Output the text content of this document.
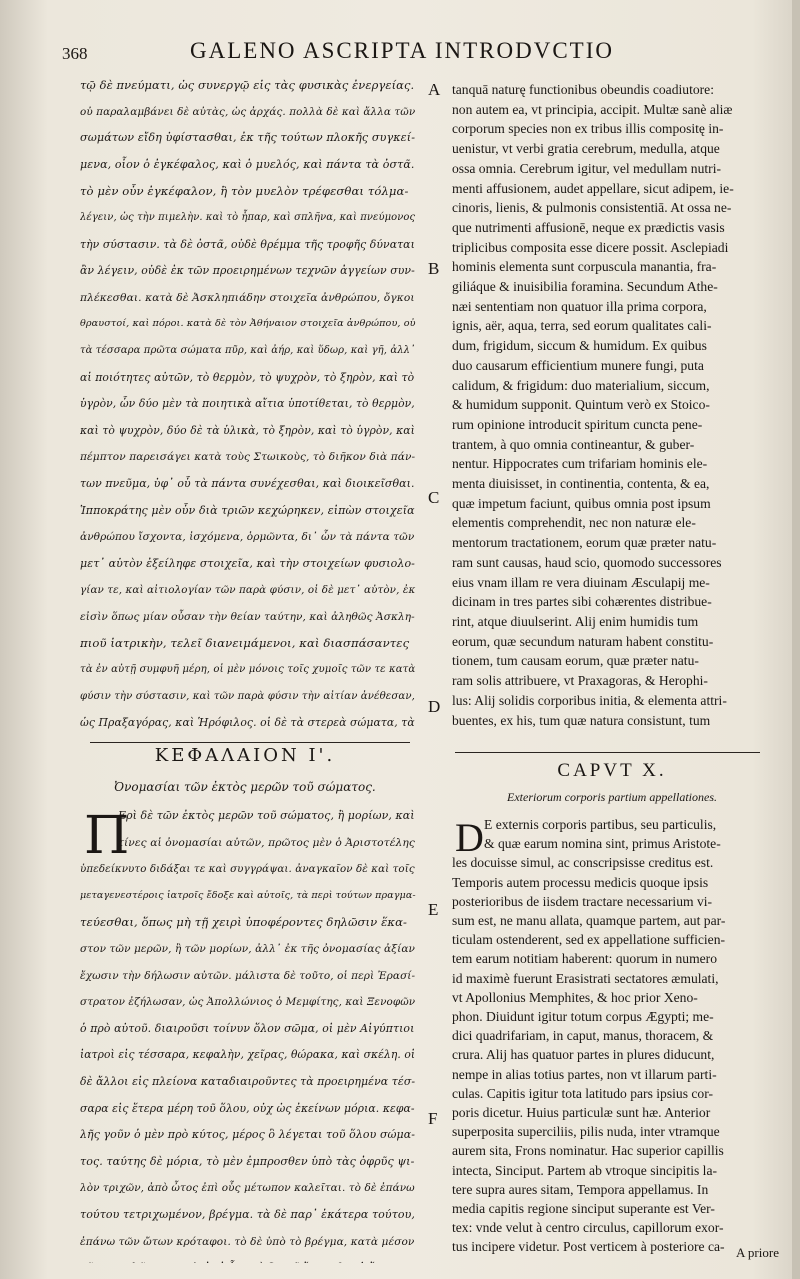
368	GALENO ASCRIPTA INTRODVCTIO

τῷ δὲ πνεύματι, ὡς συνεργῷ εἰς τὰς φυσικὰς ἐνεργείας.

οὐ παραλαμβάνει δὲ αὐτὰς, ὡς ἀρχάς. πολλὰ δὲ καὶ ἄλλα τῶν

σωμάτων εἴδη ὑφίστασθαι, ἐκ τῆς τούτων πλοκῆς συγκεί-

μενα, οἷον ὁ ἐγκέφαλος, καὶ ὁ μυελός, καὶ πάντα τὰ ὀστᾶ.

τὸ μὲν οὖν ἐγκέφαλον, ἢ τὸν μυελὸν τρέφεσθαι τόλμα-

λέγειν, ὡς τὴν πιμελὴν. καὶ τὸ ἧπαρ, καὶ σπλῆνα, καὶ πνεύμονος

τὴν σύστασιν. τὰ δὲ ὀστᾶ, οὐδὲ θρέμμα τῆς τροφῆς δύναται

ἂν λέγειν, οὐδὲ ἐκ τῶν προειρημένων τεχνῶν ἀγγείων συν-

πλέκεσθαι. κατὰ δὲ Ἀσκληπιάδην στοιχεῖα ἀνθρώπου, ὄγκοι

θραυστοί, καὶ πόροι. κατὰ δὲ τὸν Ἀθήναιον στοιχεῖα ἀνθρώπου, οὐ

τὰ τέσσαρα πρῶτα σώματα πῦρ, καὶ ἀήρ, καὶ ὕδωρ, καὶ γῆ, ἀλλ᾽

αἱ ποιότητες αὐτῶν, τὸ θερμὸν, τὸ ψυχρὸν, τὸ ξηρὸν, καὶ τὸ

ὑγρὸν, ὧν δύο μὲν τὰ ποιητικὰ αἴτια ὑποτίθεται, τὸ θερμὸν,

καὶ τὸ ψυχρὸν, δύο δὲ τὰ ὑλικὰ, τὸ ξηρὸν, καὶ τὸ ὑγρὸν, καὶ

πέμπτον παρεισάγει κατὰ τοὺς Στωικοὺς, τὸ διῆκον διὰ πάν-

των πνεῦμα, ὑφ᾽ οὗ τὰ πάντα συνέχεσθαι, καὶ διοικεῖσθαι.

Ἱπποκράτης μὲν οὖν διὰ τριῶν κεχώρηκεν, εἰπὼν στοιχεῖα

ἀνθρώπου ἴσχοντα, ἰσχόμενα, ὁρμῶντα, δι᾽ ὧν τὰ πάντα τῶν

μετ᾽ αὐτὸν ἐξείληφε στοιχεῖα, καὶ τὴν στοιχείων φυσιολο-

γίαν τε, καὶ αἰτιολογίαν τῶν παρὰ φύσιν, οἱ δὲ μετ᾽ αὐτὸν, ἐκ

εἰσὶν ὅπως μίαν οὖσαν τὴν θείαν ταύτην, καὶ ἀληθῶς Ἀσκλη-

πιοῦ ἰατρικὴν, τελεῖ διανειμάμενοι, καὶ διασπάσαντες

τὰ ἐν αὐτῇ συμφυῆ μέρη, οἱ μὲν μόνοις τοῖς χυμοῖς τῶν τε κατὰ

φύσιν τὴν σύστασιν, καὶ τῶν παρὰ φύσιν τὴν αἰτίαν ἀνέθεσαν,

ὡς Πραξαγόρας, καὶ Ἡρόφιλος. οἱ δὲ τὰ στερεὰ σώματα, τὰ

tanquā naturę functionibus obeundis coadiutore:

non autem ea, vt principia, accipit. Multæ sanè aliæ

corporum species non ex tribus illis compositę in-

uenistur, vt verbi gratia cerebrum, medulla, atque

ossa omnia. Cerebrum igitur, vel medullam nutri-

menti affusionem, audet appellare, sicut adipem, ie-

cinoris, lienis, & pulmonis consistentiā. At ossa ne-

que nutrimenti affusionē, neque ex prædictis vasis

triplicibus composita esse dicere possit. Asclepiadi

hominis elementa sunt corpuscula manantia, fra-

giliáque & inuisibilia foramina. Secundum Athe-

næi sententiam non quatuor illa prima corpora,

ignis, aër, aqua, terra, sed eorum qualitates cali-

dum, frigidum, siccum & humidum. Ex quibus

duo causarum efficientium munere fungi, puta

calidum, & frigidum: duo materialium, siccum,

& humidum supponit. Quintum verò ex Stoico-

rum opinione introducit spiritum cuncta pene-

trantem, à quo omnia contineantur, & guber-

nentur. Hippocrates cum trifariam hominis ele-

menta diuisisset, in continentia, contenta, & ea,

quæ impetum faciunt, quibus omnia post ipsum

elementis comprehendit, nec non naturæ ele-

mentorum tractationem, eorum quæ præter natu-

ram sunt causas, haud scio, quomodo successores

eius vnam illam re vera diuinam Æsculapij me-

dicinam in tres partes sibi cohærentes distribue-

rint, atque diuulserint. Alij enim humidis tum

eorum, quæ secundum naturam habent constitu-

tionem, tum causam eorum, quæ præter natu-

ram solis attribuere, vt Praxagoras, & Herophi-

lus: Alij solidis corporibus initia, & elementa attri-

buentes, ex his, tum quæ natura consistunt, tum

A
B
C
D
E
F
ΚΕΦΑΛΑΙΟΝ Ι'.
Ὀνομασίαι τῶν ἐκτὸς μερῶν τοῦ σώματος.
Π
CAPVT X.
Exteriorum corporis partium appellationes.
D

Ερὶ δὲ τῶν ἐκτὸς μερῶν τοῦ σώματος, ἢ μορίων, καὶ

τίνες αἱ ὀνομασίαι αὐτῶν, πρῶτος μὲν ὁ Ἀριστοτέλης

ὑπεδείκνυτο διδάξαι τε καὶ συγγράψαι. ἀναγκαῖον δὲ καὶ τοῖς

μεταγενεστέροις ἰατροῖς ἔδοξε καὶ αὐτοῖς, τὰ περὶ τούτων πραγμα-

τεύεσθαι, ὅπως μὴ τῇ χειρὶ ὑποφέροντες δηλῶσιν ἕκα-

στον τῶν μερῶν, ἢ τῶν μορίων, ἀλλ᾽ ἐκ τῆς ὀνομασίας ἀξίαν

ἔχωσιν τὴν δήλωσιν αὐτῶν. μάλιστα δὲ τοῦτο, οἱ περὶ Ἐρασί-

στρατον ἐζήλωσαν, ὡς Ἀπολλώνιος ὁ Μεμφίτης, καὶ Ξενοφῶν

ὁ πρὸ αὐτοῦ. διαιροῦσι τοίνυν ὅλον σῶμα, οἱ μὲν Αἰγύπτιοι

ἰατροὶ εἰς τέσσαρα, κεφαλὴν, χεῖρας, θώρακα, καὶ σκέλη. οἱ

δὲ ἄλλοι εἰς πλείονα καταδιαιροῦντες τὰ προειρημένα τέσ-

σαρα εἰς ἕτερα μέρη τοῦ ὅλου, οὐχ ὡς ἐκείνων μόρια. κεφα-

λῆς γοῦν ὁ μὲν πρὸ κύτος, μέρος ὃ λέγεται τοῦ ὅλου σώμα-

τος. ταύτης δὲ μόρια, τὸ μὲν ἐμπροσθεν ὑπὸ τὰς ὀφρῦς ψι-

λὸν τριχῶν, ἀπὸ ὦτος ἐπὶ οὖς μέτωπον καλεῖται. τὸ δὲ ἐπάνω

τούτου τετριχωμένον, βρέγμα. τὰ δὲ παρ᾽ ἑκάτερα τούτου,

ἐπάνω τῶν ὤτων κρόταφοι. τὸ δὲ ὑπὸ τὸ βρέγμα, κατὰ μέσον

E externis corporis partibus, seu particulis,

& quæ earum nomina sint, primus Aristote-

les docuisse simul, ac conscripsisse creditus est.

Temporis autem processu medicis quoque ipsis

posterioribus de iisdem tractare necessarium vi-

sum est, ne manu allata, quamque partem, aut par-

ticulam ostenderent, sed ex appellatione sufficien-

tem earum notitiam haberent: quorum in numero

id maximè fuerunt Erasistrati sectatores æmulati,

vt Apollonius Memphites, & hoc prior Xeno-

phon. Diuidunt igitur totum corpus Ægypti; me-

dici quadrifariam, in caput, manus, thoracem, &

crura. Alij has quatuor partes in plures diducunt,

nempe in alias totius partes, non vt illarum parti-

culas. Capitis igitur tota latitudo pars ipsius cor-

poris dicetur. Huius particulæ sunt hæ. Anterior

superposita superciliis, pilis nuda, inter vtramque

aurem sita, Frons nominatur. Hac superior capillis

intecta, Sinciput. Partem ab vtroque sincipitis la-

tere supra aures sitam, Tempora appellamus. In

media capitis regione sinciput superante est Ver-

tex: vnde velut à centro circulus, capillorum exor-

tus incipere videtur. Post verticem à posteriore ca- A priore
